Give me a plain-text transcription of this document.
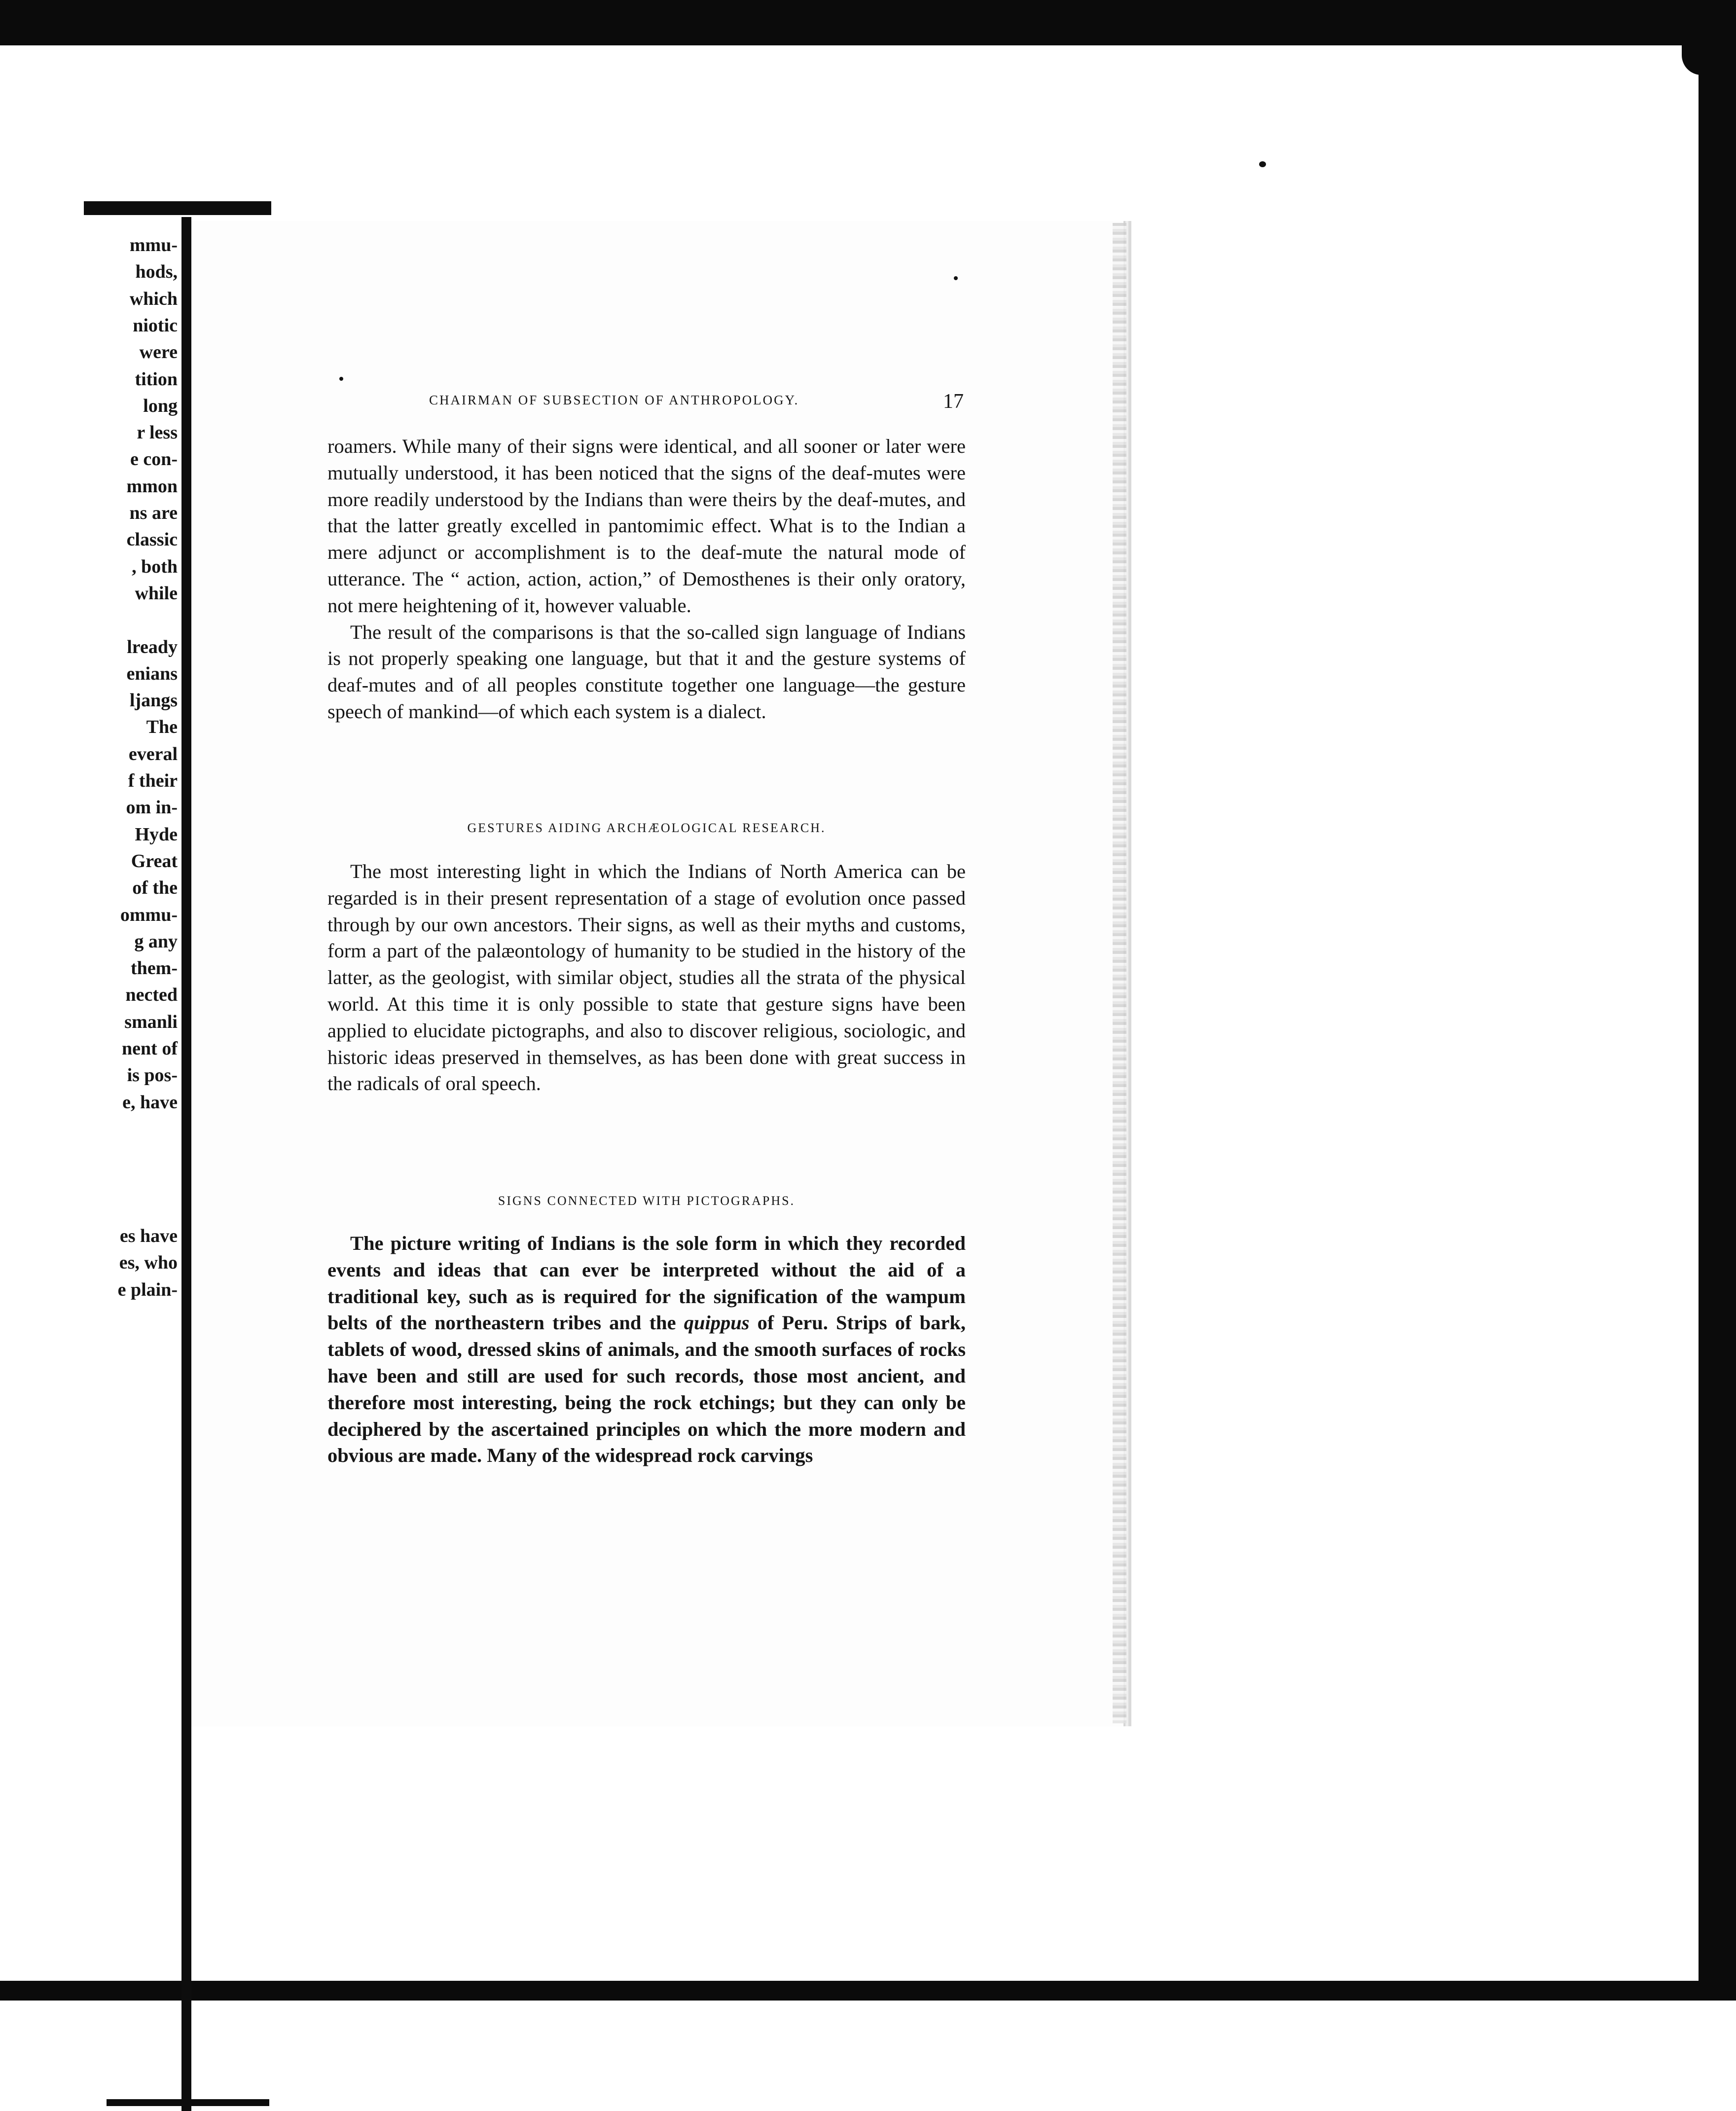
mmu-
hods,
which
niotic
were
tition
long
r less
e con-
mmon
ns are
classic
, both
while
lready
enians
ljangs
The
everal
f their
om in-
Hyde
Great
of the
ommu-
g any
them-
nected
smanli
nent of
is pos-
e, have
es have
es, who
e plain-
CHAIRMAN OF SUBSECTION OF ANTHROPOLOGY.	17

roamers. While many of their signs were identical, and all sooner or later were mutually understood, it has been noticed that the signs of the deaf-mutes were more readily understood by the Indians than were theirs by the deaf-mutes, and that the latter greatly excelled in pantomimic effect. What is to the Indian a mere adjunct or accomplishment is to the deaf-mute the natural mode of utterance. The “ action, action, action,” of Demosthenes is their only oratory, not mere heightening of it, however valuable.

The result of the comparisons is that the so-called sign language of Indians is not properly speaking one language, but that it and the gesture systems of deaf-mutes and of all peoples constitute together one language—the gesture speech of mankind—of which each system is a dialect.

GESTURES AIDING ARCHÆOLOGICAL RESEARCH.

The most interesting light in which the Indians of North America can be regarded is in their present representation of a stage of evolution once passed through by our own ancestors. Their signs, as well as their myths and customs, form a part of the palæontology of humanity to be studied in the history of the latter, as the geologist, with similar object, studies all the strata of the physical world. At this time it is only possible to state that gesture signs have been applied to elucidate pictographs, and also to discover religious, sociologic, and historic ideas preserved in themselves, as has been done with great success in the radicals of oral speech.

SIGNS CONNECTED WITH PICTOGRAPHS.

The picture writing of Indians is the sole form in which they recorded events and ideas that can ever be interpreted without the aid of a traditional key, such as is required for the signification of the wampum belts of the northeastern tribes and the quippus of Peru. Strips of bark, tablets of wood, dressed skins of animals, and the smooth surfaces of rocks have been and still are used for such records, those most ancient, and therefore most interesting, being the rock etchings; but they can only be deciphered by the ascertained principles on which the more modern and obvious are made. Many of the widespread rock carvings
